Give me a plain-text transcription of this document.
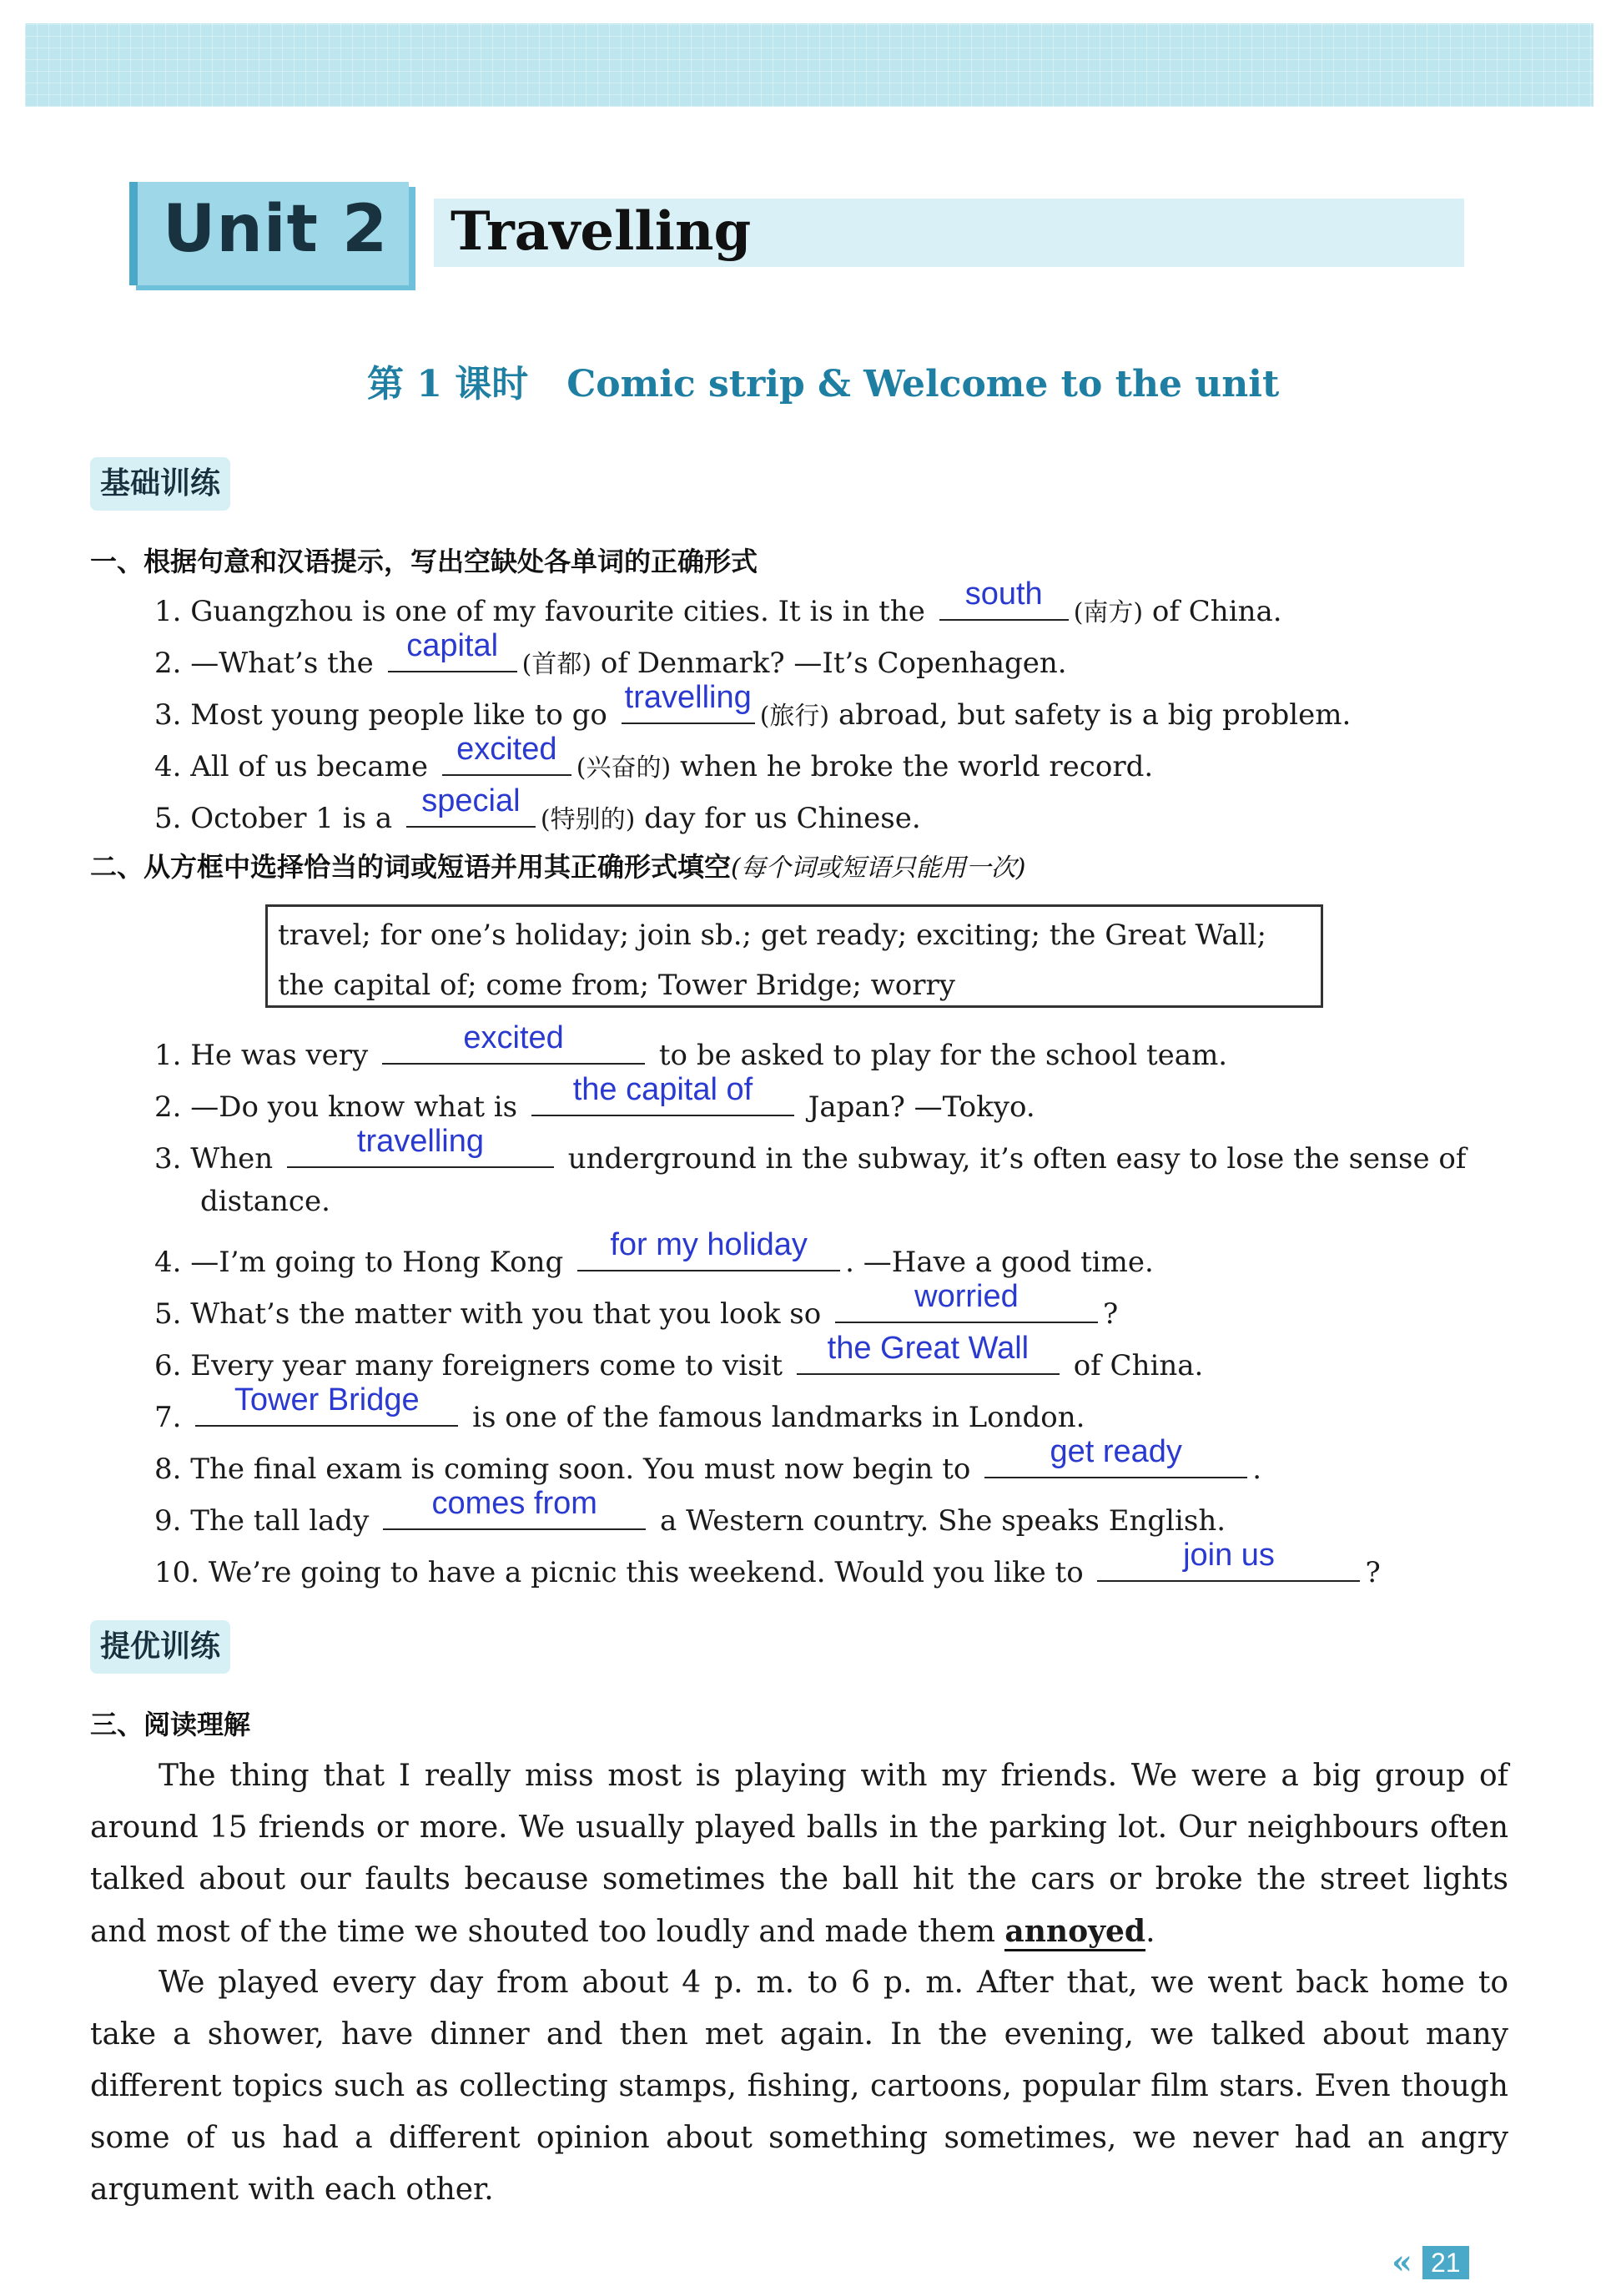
Unit 2 Travelling
第 1 课时 Comic strip & Welcome to the unit
基础训练
一、根据句意和汉语提示，写出空缺处各单词的正确形式
1. Guangzhou is one of my favourite cities. It is in the	south
(南方) of China.
2. —What’s the	capital
(首都) of Denmark? —It’s Copenhagen.
3. Most young people like to go travelling
(旅行) abroad, but safety is a big problem.
4. All of us became excited
(兴奋的) when he broke the world record.
5. October 1 is a special
(特别的) day for us Chinese.
二、从方框中选择恰当的词或短语并用其正确形式填空(每个词或短语只能用一次)
travel; for one’s holiday; join sb.; get ready; exciting; the Great Wall;
the capital of; come from; Tower Bridge; worry
1. He was very	excited	to be asked to play for the school team.
2. —Do you know what is	the capital of	Japan? —Tokyo.
3. When	travelling	underground in the subway, it’s often easy to lose the sense of
distance.
4. —I’m going to Hong Kong	for my holiday	. —Have a good time.
5. What’s the matter with you that you look so	worried	?
6. Every year many foreigners come to visit	the Great Wall	of China.
7.	Tower Bridge	is one of the famous landmarks in London.
8. The final exam is coming soon. You must now begin to	get ready	.
9. The tall lady	comes from	a Western country. She speaks English.
10. We’re going to have a picnic this weekend. Would you like to	join us	?
提优训练
三、阅读理解
The thing that I really miss most is playing with my friends. We were a big group of around 15 friends or more. We usually played balls in the parking lot. Our neighbours often talked about our faults because sometimes the ball hit the cars or broke the street lights and most of the time we shouted too loudly and made them annoyed.
We played every day from about 4 p. m. to 6 p. m. After that, we went back home to take a shower, have dinner and then met again. In the evening, we talked about many different topics such as collecting stamps, fishing, cartoons, popular film stars. Even though some of us had a different opinion about something sometimes, we never had an angry argument with each other.
« 21
